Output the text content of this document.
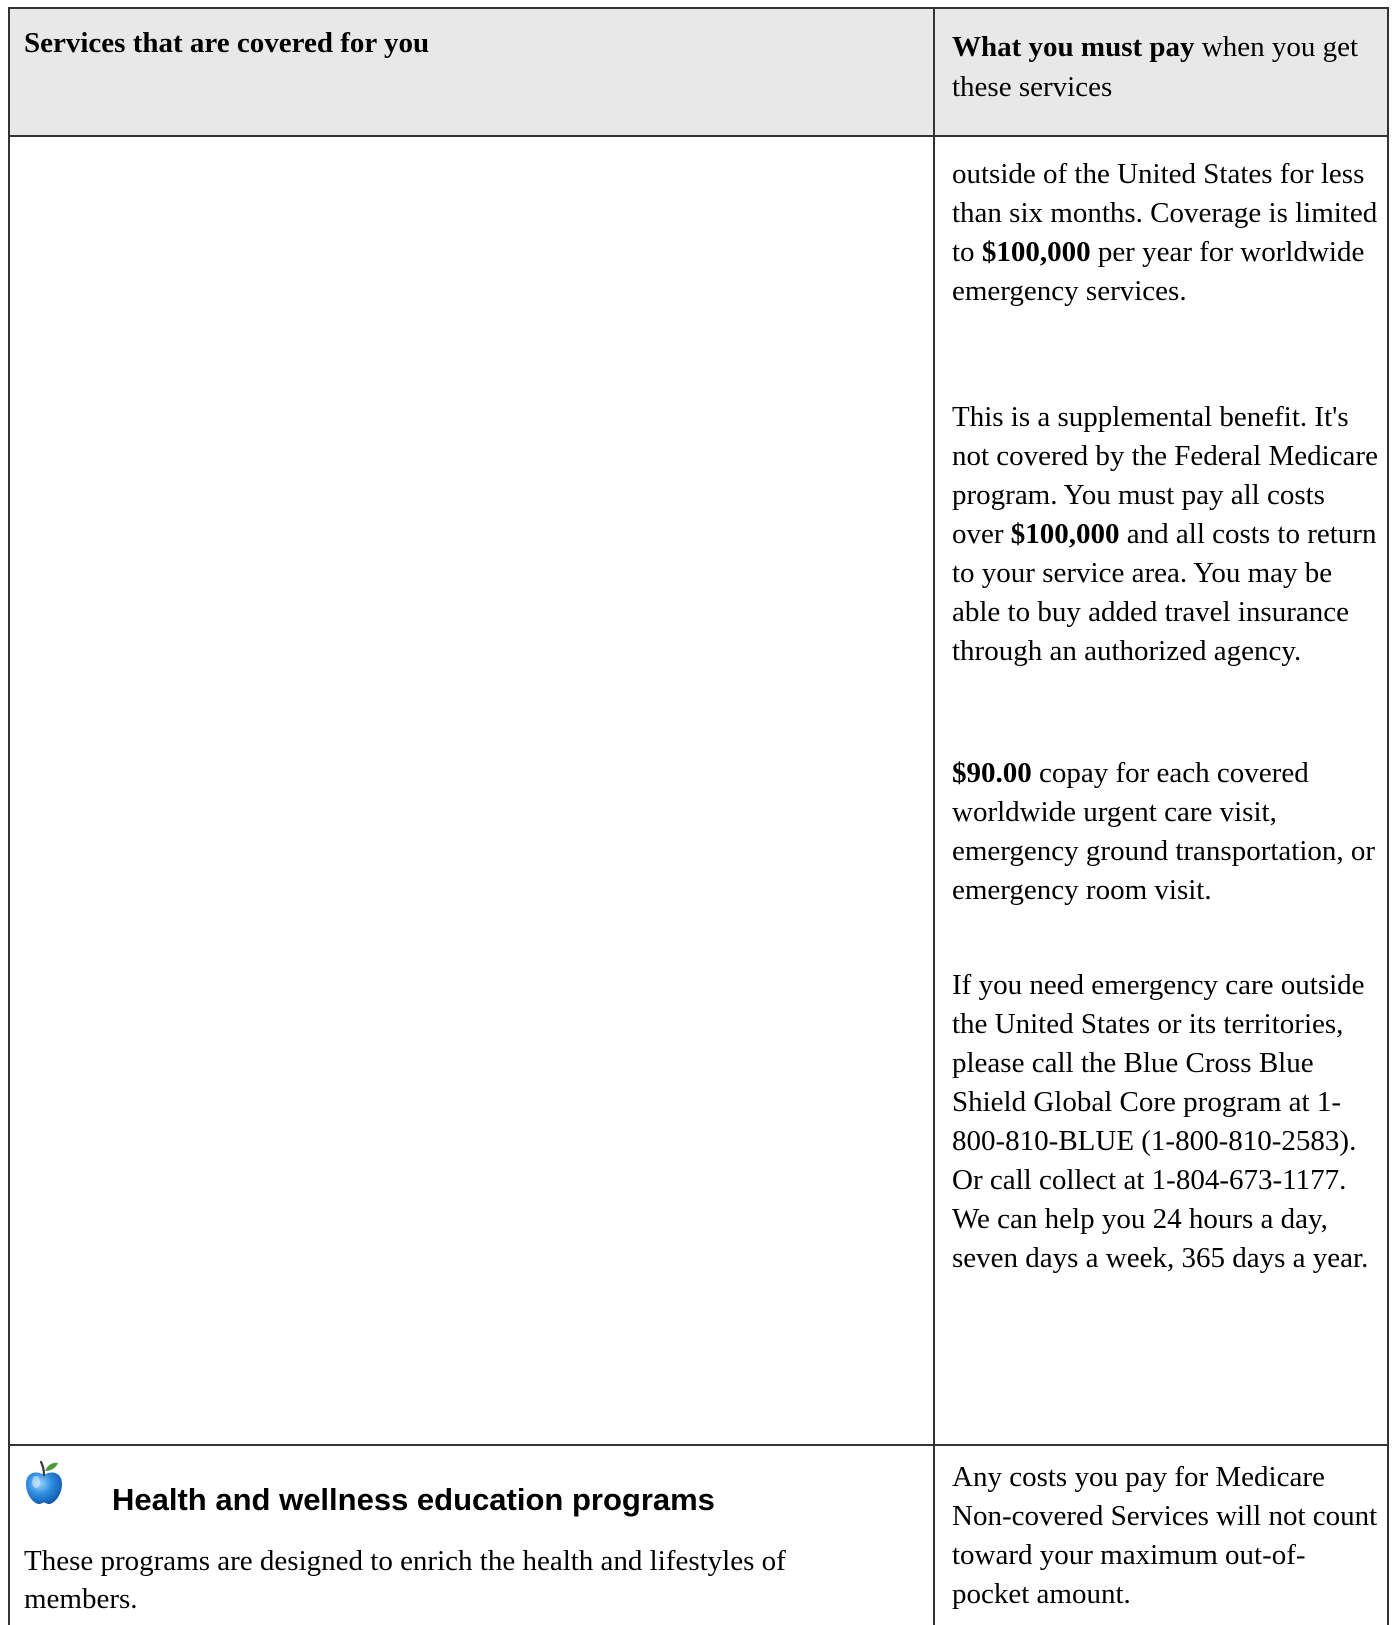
Services that are covered for you	What you must pay when you get these services

outside of the United States for less than six months. Coverage is limited to $100,000 per year for worldwide emergency services.

This is a supplemental benefit. It's not covered by the Federal Medicare program. You must pay all costs over $100,000 and all costs to return to your service area. You may be able to buy added travel insurance through an authorized agency.

$90.00 copay for each covered worldwide urgent care visit, emergency ground transportation, or emergency room visit.

If you need emergency care outside the United States or its territories, please call the Blue Cross Blue Shield Global Core program at 1-800-810-BLUE (1-800-810-2583). Or call collect at 1-804-673-1177. We can help you 24 hours a day, seven days a week, 365 days a year.
Health and wellness education programs
These programs are designed to enrich the health and lifestyles of members.
Any costs you pay for Medicare Non-covered Services will not count toward your maximum out-of-pocket amount.
